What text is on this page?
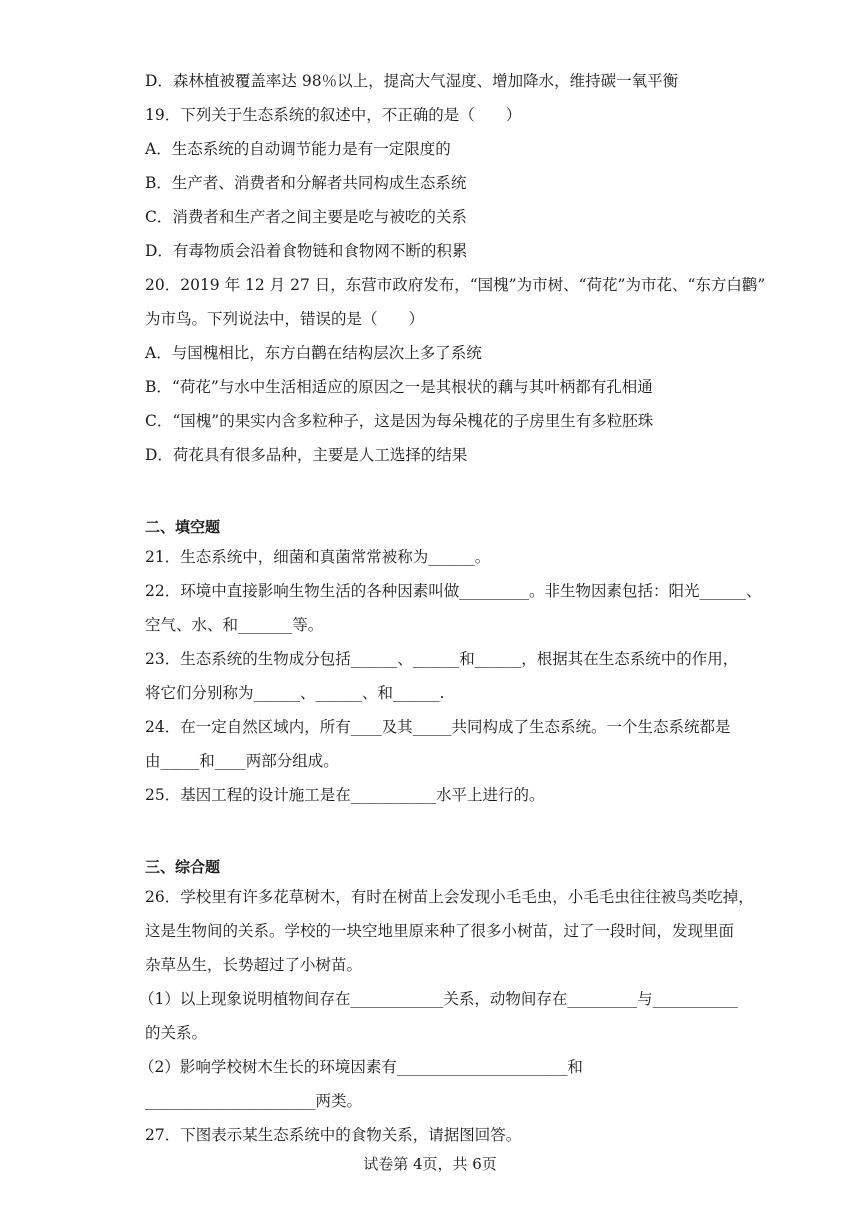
D．森林植被覆盖率达 98％以上，提高大气湿度、增加降水，维持碳一氧平衡
19．下列关于生态系统的叙述中，不正确的是（　　）
A．生态系统的自动调节能力是有一定限度的
B．生产者、消费者和分解者共同构成生态系统
C．消费者和生产者之间主要是吃与被吃的关系
D．有毒物质会沿着食物链和食物网不断的积累
20．2019 年 12 月 27 日，东营市政府发布，“国槐”为市树、“荷花”为市花、“东方白鹳”
为市鸟。下列说法中，错误的是（　　）
A．与国槐相比，东方白鹳在结构层次上多了系统
B．“荷花”与水中生活相适应的原因之一是其根状的藕与其叶柄都有孔相通
C．“国槐”的果实内含多粒种子，这是因为每朵槐花的子房里生有多粒胚珠
D．荷花具有很多品种，主要是人工选择的结果
二、填空题
21．生态系统中，细菌和真菌常常被称为______。
22．环境中直接影响生物生活的各种因素叫做_________。非生物因素包括：阳光______、
空气、水、和_______等。
23．生态系统的生物成分包括______、______和______，根据其在生态系统中的作用，
将它们分别称为______、______、和______.
24．在一定自然区域内，所有____及其_____共同构成了生态系统。一个生态系统都是
由_____和____两部分组成。
25．基因工程的设计施工是在___________水平上进行的。
三、综合题
26．学校里有许多花草树木，有时在树苗上会发现小毛毛虫，小毛毛虫往往被鸟类吃掉，
这是生物间的关系。学校的一块空地里原来种了很多小树苗，过了一段时间，发现里面
杂草丛生，长势超过了小树苗。
（1）以上现象说明植物间存在____________关系，动物间存在_________与___________
的关系。
（2）影响学校树木生长的环境因素有______________________和
______________________两类。
27．下图表示某生态系统中的食物关系，请据图回答。
试卷第 4页，共 6页
